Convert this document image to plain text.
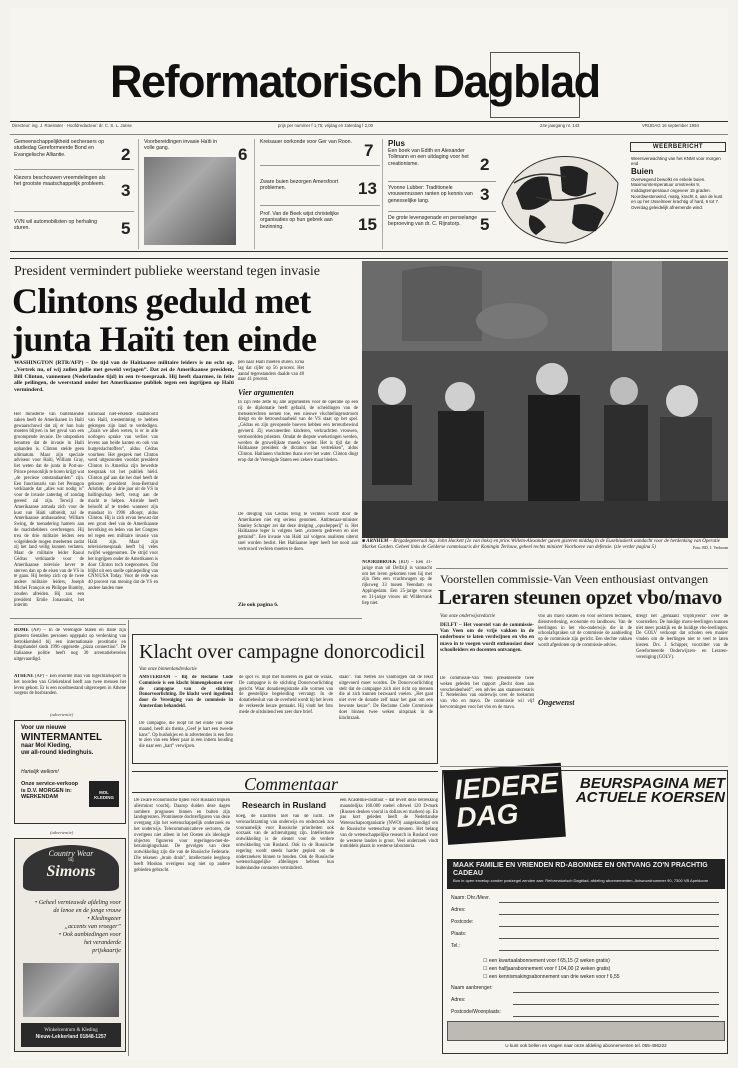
Reformatorisch Dagblad
Directeur: ing. J. Roestoter · Hoofdredacteur: dr. C. S. L. Janse	prijs per nummer f 1,75; vrijdag en zaterdag f 2,00	24e jaargang nr. 143	VRIJDAG 16 september 1994
Gemeenschappelijkheid oecheraers op studiedag Gereformeerde Bond en Evangelische Alliantie.	2
Kiezers beschouwen vreemdelingen als het grootste maatschappelijk probleem. 3
VVN wil automobilisten op herhaling sturen.	5
Voorbereidingen invasie Haïti in volle gang.	6
Kreisauer oorkonde voor Ger van Roon. 7
Zware buien bezorgen Amersfoort problemen.	13
Prof. Van de Beek wijst christelijke organisaties op hun gebrek aan bezinning.	15
Plus
Een boek van Edith en Alexander Tollmann en een uitdaging voor het creationisme.	2
Yvonne Lubber: Traditionele vrouwenrussen ranten op kennis van genesselijke lang.	3
De grote levensgenade en penselange beproeving van dr. C. Rijnstorp.	5
WEERBERICHT
Weersverwachting van het KNMI voor morgen end
Buien
Overwegend bewolkt en enkele buien. Maximumtemperatuur omstreeks 9, middagtemperatuur ongeveer 15 graden. Noordwestenwind, matig, kracht 4, aan de kust en op het IJsselmeer krachtig of hard, 6 tot 7. Overdag geleidelijk afnemende wind.
President vermindert publieke weerstand tegen invasie
Clintons geduld met junta Haïti ten einde
WASHINGTON (RTR/AFP) – De tijd van de Haïtiaanse militaire leiders is nu echt op. „Vertrek nu, of wij zullen jullie met geweld verjagen”. Dat zei de Amerikaanse president, Bill Clinton, vannemen (Nederlandse tijd) in een tv-toespraak. Hij heeft daarmee, in feite alle peilingen, de weerstand onder het Amerikaanse publiek tegen een ingrijpen op Haïti verminderd.
Het ministerie van buitenlandse zaken heeft de Amerikanen in Haïti gewaarschuwd dat zij er hun huis moeten blijven in het geval van een grootopende invasie. De uitsponken benutten dat de invasie in Haïti ophanden is. Clinton stelde geen ultimatum. Maar zijn speciale adviseur voor Haïti, William Gray, liet weten dat de junta in Port-au-Prince persoonlijk te horen krijgt wat „de precieze omstandaarden” zijn. Een functionaris van het Pentagon verklaarde dat „alles wat nodig is” voor de invasie zaterdag of zondag gereed zal zijn. Terwijl de Amerikaanse armada zich voor de kust van Haïti uitbreidt, zal de Amerikaanse ambassadeur, William Swing, de toenadering hamers aan de machthebbers overbrengen. Hij trea de drie militaire leiders een volgeldende mogen meebetten zodat zij het land veilig kunnen verlaten. Maar de militaire leider Raoul Cédras verklaarde voor de Amerikaanse televisie kever te sterven dan op de eisen van de VS in te gaan. Hij beriep zich op de twee andere militaire leiders, Joseph Michel François en Philippe Biamby, zouden afreiden. Hij zou een president Emile Jonassaint, het interim
nationaal niet-erkende staatshoofd van Haïti, toestemming te hebben gekregen zijn land te verdedigen. „Zoals we allen weten, is er in alle oorlogen sprake van verlies van levens aan beide kanten en ook van burgerslachtoffers”, aldus Cédras voorheer. Het gesprek met Clinton werd uitgezonden voordat president Clinton in Amerika zijn bewerkte toespraak tot het publiek hield. Clinton gaf aan dat het doel heeft de gekozen president Jean-Bertrand Aristide, die al drie jaar uit de VS in ballingschap leeft, terug aan de macht te helpen. Aristide heeft beloofd af te treden wanneer zijn mandaat in 1996 afloopt, aldus Clinton. Hij is zich ervan bewust dat een groot deel van de Amerikaanse bevolking en leden van het Congres tel tegen een militaire invasie van Haïti zijn. Maar zijn televisietoespraak heeft bij veles twijfel weggenomen. De strijd voor het ingrijpen onder de Amerikanen is door Clinton toch toegenomen. Dat blijkt uit een snelle opiniepeiling van CNN/USA Today. Voor de rede was 40 procent van mening dat de VS en andere landen mee
pen naar Haïti moeten sturen. Erna lag dat cijfer op 56 procent. Het aantal tegenstanders daalde van 48 naar 41 procent.
Vier argumenten
In zijn rede zette hij alle argumenten voor de operatie op een rij: de diplomatie heeft gefaald, de scheidingen van de mensenrechten nemen toe, een nieuwe vluchtelingenstroom dreigt en de betrouwbaarheid van de VS staat op het spel. „Cédras en zijn gevopende boeven hebben een terreurbewind gevoerd. Zij executeerden kinderen, verkrachtten vrouwen, vermoordden priesters. Omdat de diepste woekeringen werden, werden de gruwelijkste moeds wreder. Het is tijd dat de Haïtiaanse president de dictators laat vertrekken”, aldus Clinton. Haïtianen vluchtten thans over het water. Clinton dingt erop dat de Verenigde Staten een zekere maat bieden.
De dreiging van Cédras terug te vechten wordt door de Amerikanen niet erg serieus genomen. Ambtenaar-minister Stanley Schrager zei dat deze dreiging „opschepperij” is. Het Haïtiaanse leger is volgens hem „extreem gedreven en niet getraind”. Een invasie van Haïti zal volgens analisten uiterst snel worden beslist. Het Haïtiaanse leger heeft het nooit aan vertrouwd vechten moeten te doen.
Zie ook pagina 6.
■ ARNHEM – Brigadegeneraal ing. John Hackett (2e van links) en prins Willem-Alexander gaven gisteren middag in de Eusebiuskerk aandacht voor de herdenking van Operatie Market Garden. Geheel links de Gelderse commissaris der Koningin Terlouw, geheel rechts minister Voorhoeve van defensie. (zie verder pagina 5)	Foto: RD, J. Verboom
NOORDBROEK (RD) – Een 31-jarige man uit Delfzijl is vannacht om het leven gekomen toen hij met zijn fiets een vrachtwagen op de rijksweg 33 tussen Veendam en Appingedam. Een 25-jarige vrouw en 31-jarige vrouw uit Wildervank liep niet.
ROME (AP) – In de Verenigde Staten en Italië zijn gisteren tientallen personen opgepakt op verdenking van betrokkenheid bij een internationale prostitutie en drugshandel sinds 1996 opgezette „pizza connection”. De Italiaanse politie heeft nog 30 arrestatiebevelen uitgevaardigd.
ATHENE (AP) – Een enorme man van logechtarksport in het noorden van Griekenland heeft aan twee mensen het leven gekost. Er is een noodtoestand uitgeroepen in Athene wegens de bosbranden.
Voorstellen commissie-Van Veen enthousiast ontvangen
Leraren steunen opzet vbo/mavo
Van onze onderwijsredactie
DELFT – Het voorstel van de commissie-Van Veen om de vrije vakken in de onderbouw te laten verdwijnen en vbo en mavo in te voegen wordt enthousiast door schoolleiders en docenten ontvangen.
De commissie-Van Veen presenteerde twee weken geleden het rapport „Recht doen aan verscheidenheid”, een advies aan staatssecretaris T. Netelenbos van onderwijs over de toekomst van vbo en mavo. De commissie wil vijf hervormingen voor het vbo en de mavo.
vbo als mavo kiezen en voor sectoren techniek, dienstverlening, economie en landbouw. Van de leerlingen in het vbo-onderwijs die in de schoolafspraken uit de commissie de aanbieding op de commissie zijn gericht. Een slechte vakken wordt afgesloten op de commissie-advies.
Ongewenst
dreigt het „gemaakt vrijblijvend” over de voorstellen. De huidige mavo-leerlingen kunnen niet meer praktijk en de huidige vbo-leerlingen. De GOLV verkoopt dat scholen een manier vinden om de leerlingen niet te veel te laten kiezen. Drs. J. Schipper, voorzitter van de Gereformeerde Onderwijzers- en Leraren-vereniging (GOLV).
Klacht over campagne donorcodicil
Van onze binnenlandredactie
AMSTERDAM – Bij de Reclame Code Commissie is een klacht binnengekomen over de campagne van de stichting Donorvoorlichting. De klacht werd ingediend door de Vereniging van de commissie in Amsterdam behandeld.
De campagne, die loopt tot het einde van deze maand, heeft als thema „Geef je hart een tweede kans”. Op bushokjes en in advertenties is een foto te zien van een Meer paar in een intiem houding die naar een „hart” verwijzen.
de spot vs. mijd met luisteren en gaat de wraak. De campagne is de stichting Donorvoorlichting gericht. Waar donatieregistratie alle vormen van de geestelijke begeleiding vervangt. In de donatiebesluit van de overheid wordt bij het leven de verkeerde keuze gemaakt. Hij vindt het foto mede de uitsluitend een zeer dure brief.
staan”. Van Netten zei vanmorgen dat de tekst uitgevoerd moet worden. De Donorvoorlichting stelt dat de campagne zich niet richt op mensen die al zich kunnen bezwaard voelen. „Het gaat niet over de donatie zelf maar het gaat om een bewuste keuze”. De Reclame Code Commissie doet binnen twee weken uitspraak in de klachtzaak.
(advertentie)
Voor uw nieuwe
WINTERMANTEL
naar Mol Kleding,
uw all-round kledinghuis.
Hartelijk welkom!
Onze service-verkoop is D.V. MORGEN in: WERKENDAM
MOL KLEDING
(advertentie)
Country Wear
bij
Simons
• Geheel vernieuwde afdeling voor
de lenoe en de jonge vrouw
• Kledingzeer
„accents van vroeger”
• Ook aanbiedingen voor
het veranderde
prijskaartje
Winkelcentrum & Kleding
Nieuw-Lekkerland 01848-1257
Commentaar
De zware economische tijden voor Rusland blijken allerminst voorbij. Daarop duiden deze dagen sombere prognoses binnen en buiten zijn landsgrenzen. Prominente dochterfiguren van deze overgang zijn het wetenschappelijk onderzoek en het onderwijs. Telecommunicatieve sectoren, die overigens niet alleen in het Oosten als ideologie objecten figureren voor regeringen-met-de-bezuinigingschaar. De gevolgen van deze ontwikkeling zijn die van de Russische Federatie. Die tekenen „brain drain”, intellectuele leegloop heeft Moskou overigens nog niet op andere gebieden gebracht.
Research in Rusland
noeg, de klachten niet van de lucht. De veronachtzaming van onderwijs en onderzoek zou voornamelijk voor Russische prioriteiten ook oorzaak van de achteruitgang zijn. Intellectuele ontwikkeling is de sleutel voor de verdere ontwikkeling van Rusland. Ook in de Russische regering wordt steeds harder gepleit om de onderzoekers binnen te houden. Ook de Russische wetenschappelijke afdelingen hebben hun buitenlandse contacten verminderd.
een Academie-instituut – dat levert deze betrekking maandelijks 160.000 roebel oftewel 120 D-mark (Russen denken vooral in dollars en marken) op. En pas kort geleden heeft de Nederlandse Wetenschapsorganisatie (NWO) aangekondigd om de Russische wetenschap te steunen. Het belang van de wetenschappelijke research in Rusland voor de westerse landen is groot. Veel onderzoek vindt inmiddels plaats in westerse laboratoria.
IEDERE DAG
BEURSPAGINA MET ACTUELE KOERSEN
MAAK FAMILIE EN VRIENDEN RD-ABONNEE EN ONTVANG ZO'N PRACHTIG CADEAU
Bon in open envelop zonder postzegel zenden aan: Reformatorisch Dagblad, afdeling abonnementen, Antwoordnummer 90, 7300 VB Apeldoorn
Naam: Dhr./Mevr.
Adres:
Postcode:
Plaats:
Tel.:
☐ een kwartaalabonnement voor f 65,15 (2 weken gratis)
☐ een halfjaarabonnement voor f 104,00 (2 weken gratis)
☐ een kennismakingsabonnement van drie weken voor f 6,55
Naam aanbrenger:
Adres:
Postcode/Woonplaats:
U kunt ook bellen en vragen naar onze afdeling abonnementen tel. 055-496222
